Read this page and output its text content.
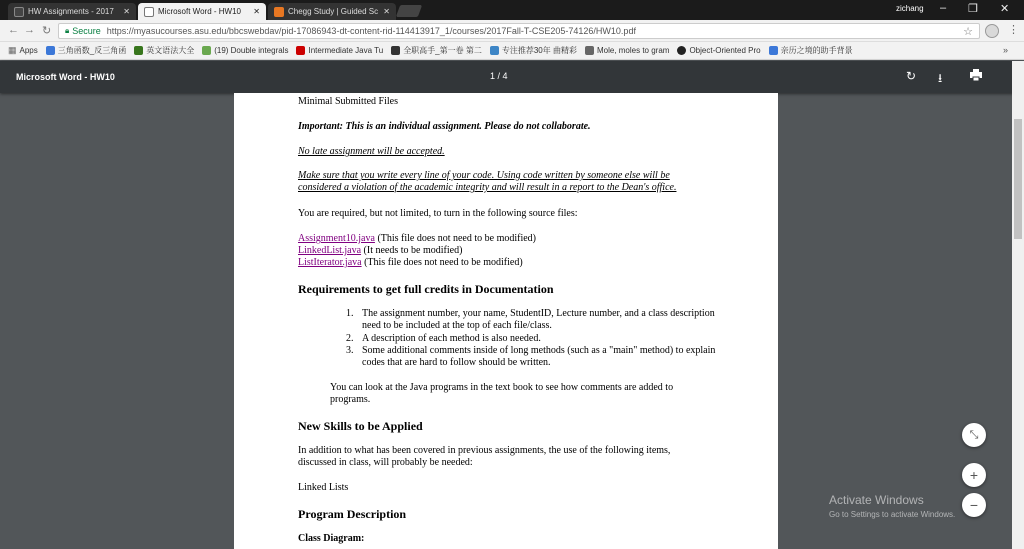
HW Assignments - 2017	✕	Microsoft Word - HW10	✕	Chegg Study | Guided Sc ✕	zichang – ❐ ✕
← → ↻ 🔒︎ Secure https://myasucourses.asu.edu/bbcswebdav/pid-17086943-dt-content-rid-114413917_1/courses/2017Fall-T-CSE205-74126/HW10.pdf	☆	⋮
▦ Apps	三角函数_反三角函	英文语法大全	(19) Double integrals	Intermediate Java Tu	全职高手_第一卷 第二	专注推荐30年 曲精彩	Mole, moles to gram	Object-Oriented Pro	亲历之境的助手背景	»
Microsoft Word - HW10	1 / 4	↻ ⭳
Minimal Submitted Files
Important: This is an individual assignment. Please do not collaborate.
No late assignment will be accepted.
Make sure that you write every line of your code. Using code written by someone else will be
considered a violation of the academic integrity and will result in a report to the Dean's office.
You are required, but not limited, to turn in the following source files:
Assignment10.java (This file does not need to be modified)
LinkedList.java (It needs to be modified)
ListIterator.java (This file does not need to be modified)
Requirements to get full credits in Documentation
1. The assignment number, your name, StudentID, Lecture number, and a class description need to be included at the top of each file/class.
2. A description of each method is also needed.
3. Some additional comments inside of long methods (such as a "main" method) to explain codes that are hard to follow should be written.
You can look at the Java programs in the text book to see how comments are added to programs.
New Skills to be Applied
In addition to what has been covered in previous assignments, the use of the following items, discussed in class, will probably be needed:
Linked Lists
Program Description
Class Diagram:
⤡
+
−
Activate Windows
Go to Settings to activate Windows.
